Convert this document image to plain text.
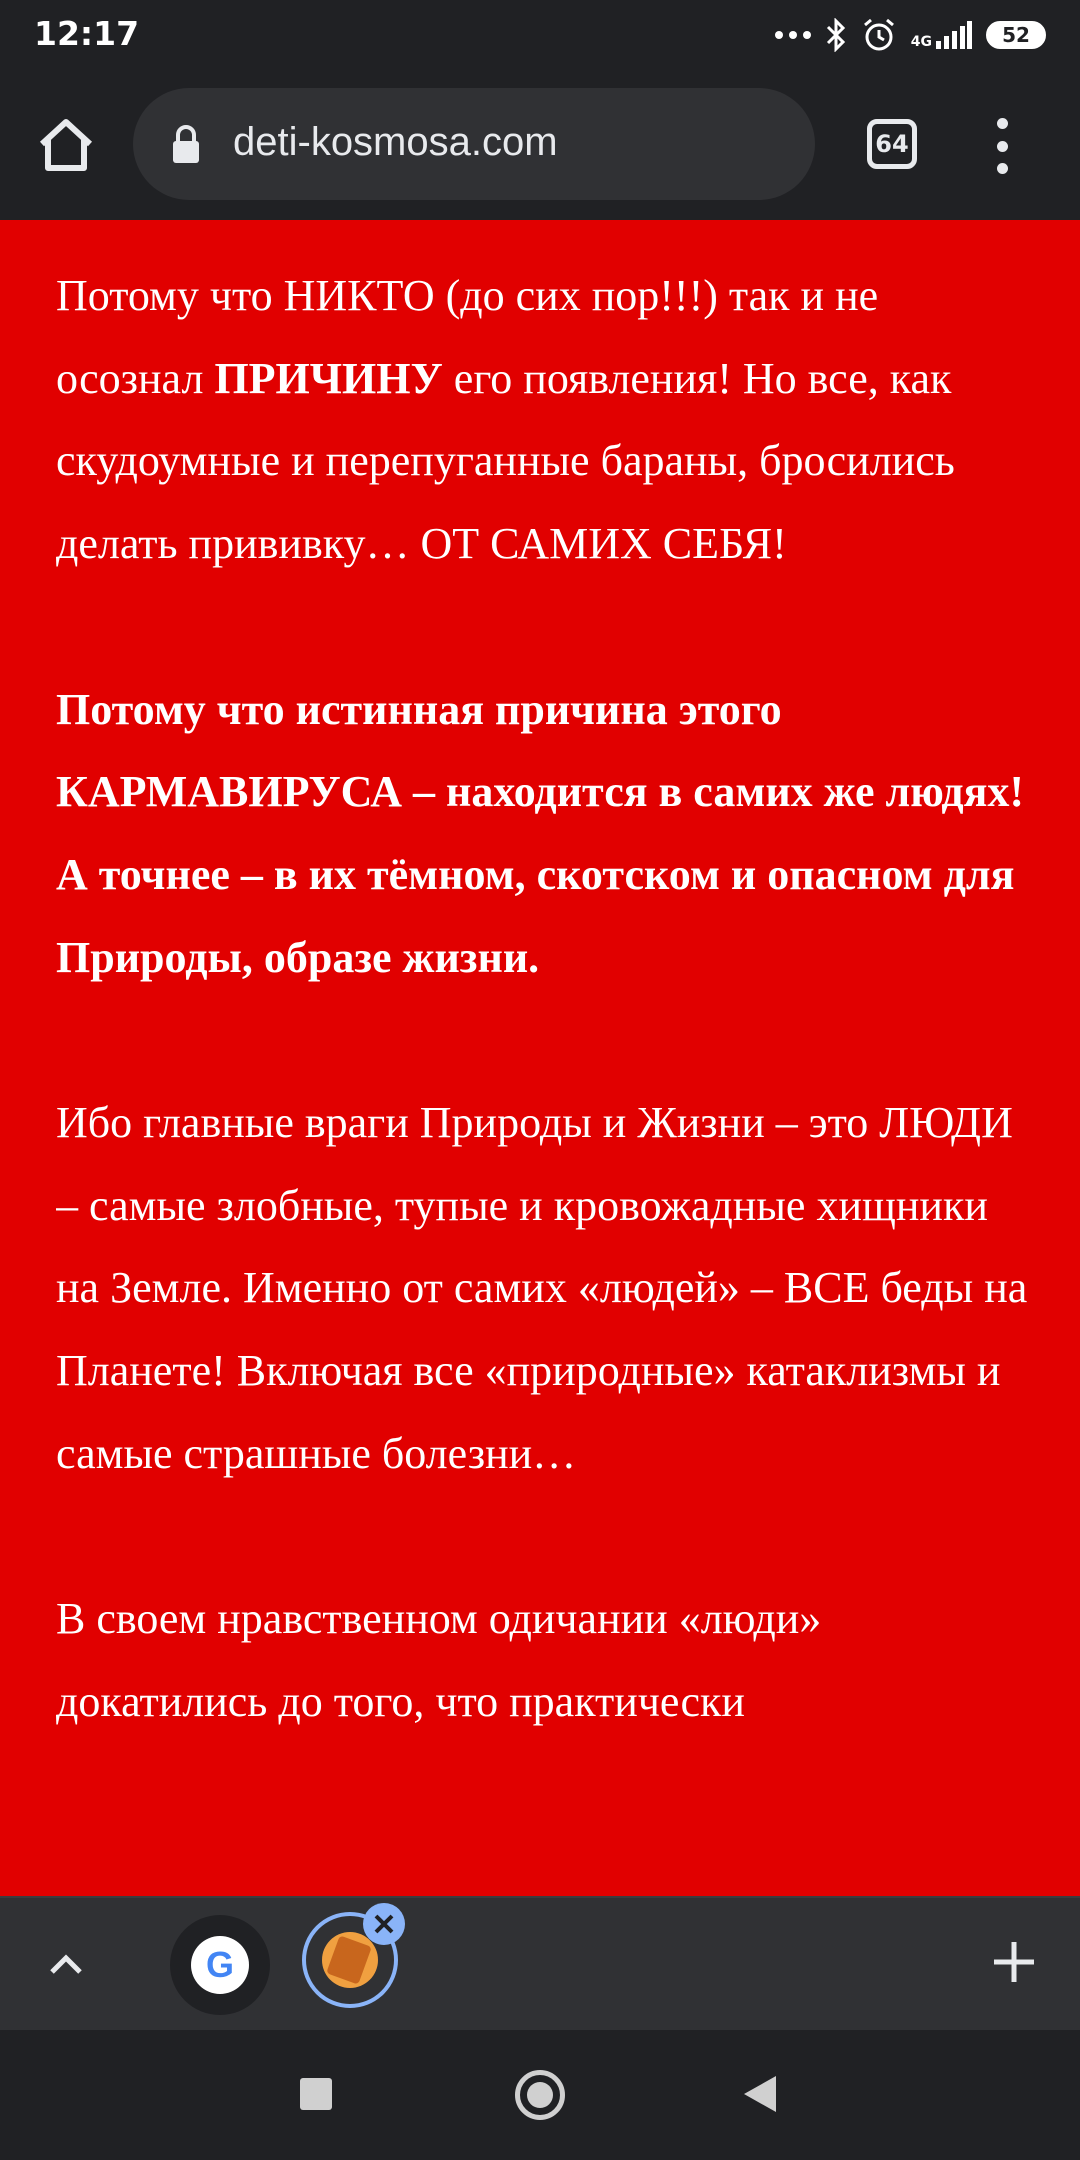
12:17	4G	52
deti-kosmosa.com	64

Потому что НИКТО (до сих пор!!!) так и не осознал ПРИЧИНУ его появления! Но все, как скудоумные и перепуганные бараны, бросились делать прививку… ОТ САМИХ СЕБЯ!

Потому что истинная причина этого КАРМАВИРУСА – находится в самих же людях! А точнее – в их тёмном, скотском и опасном для Природы, образе жизни.

Ибо главные враги Природы и Жизни – это ЛЮДИ – самые злобные, тупые и кровожадные хищники на Земле. Именно от самих «людей» – ВСЕ беды на Планете! Включая все «природные» катаклизмы и самые страшные болезни…

В своем нравственном одичании «люди» докатились до того, что практически

G
